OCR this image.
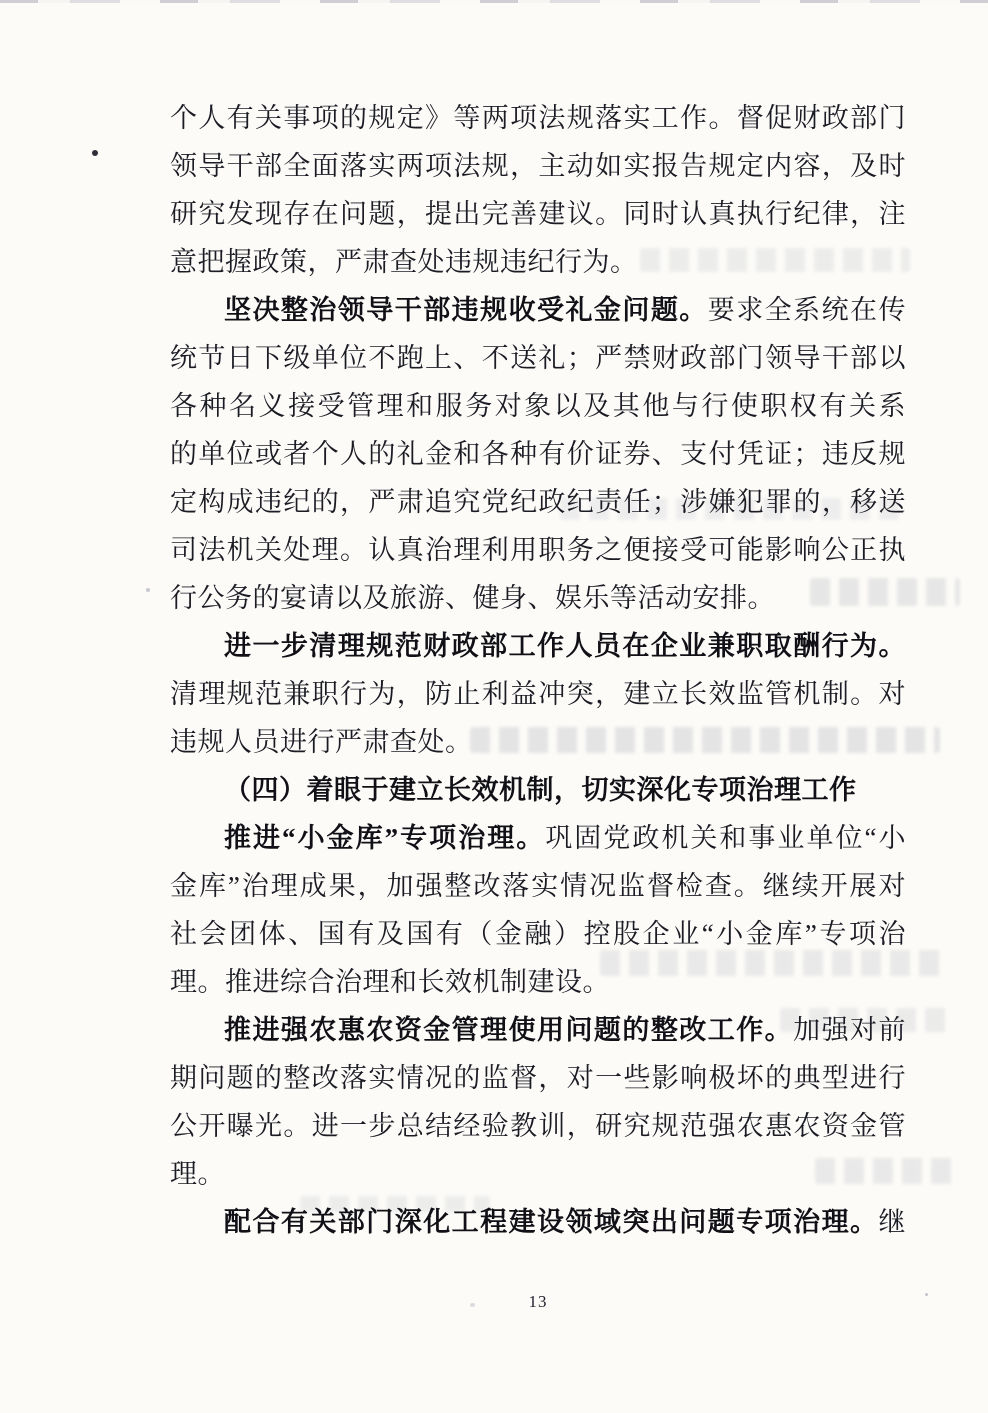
个人有关事项的规定》等两项法规落实工作。督促财政部门
领导干部全面落实两项法规，主动如实报告规定内容，及时
研究发现存在问题，提出完善建议。同时认真执行纪律，注
意把握政策，严肃查处违规违纪行为。
坚决整治领导干部违规收受礼金问题。要求全系统在传
统节日下级单位不跑上、不送礼；严禁财政部门领导干部以
各种名义接受管理和服务对象以及其他与行使职权有关系
的单位或者个人的礼金和各种有价证券、支付凭证；违反规
定构成违纪的，严肃追究党纪政纪责任；涉嫌犯罪的，移送
司法机关处理。认真治理利用职务之便接受可能影响公正执
行公务的宴请以及旅游、健身、娱乐等活动安排。
进一步清理规范财政部工作人员在企业兼职取酬行为。
清理规范兼职行为，防止利益冲突，建立长效监管机制。对
违规人员进行严肃查处。
（四）着眼于建立长效机制，切实深化专项治理工作
推进“小金库”专项治理。巩固党政机关和事业单位“小
金库”治理成果，加强整改落实情况监督检查。继续开展对
社会团体、国有及国有（金融）控股企业“小金库”专项治
理。推进综合治理和长效机制建设。
推进强农惠农资金管理使用问题的整改工作。加强对前
期问题的整改落实情况的监督，对一些影响极坏的典型进行
公开曝光。进一步总结经验教训，研究规范强农惠农资金管
理。
配合有关部门深化工程建设领域突出问题专项治理。继
13
